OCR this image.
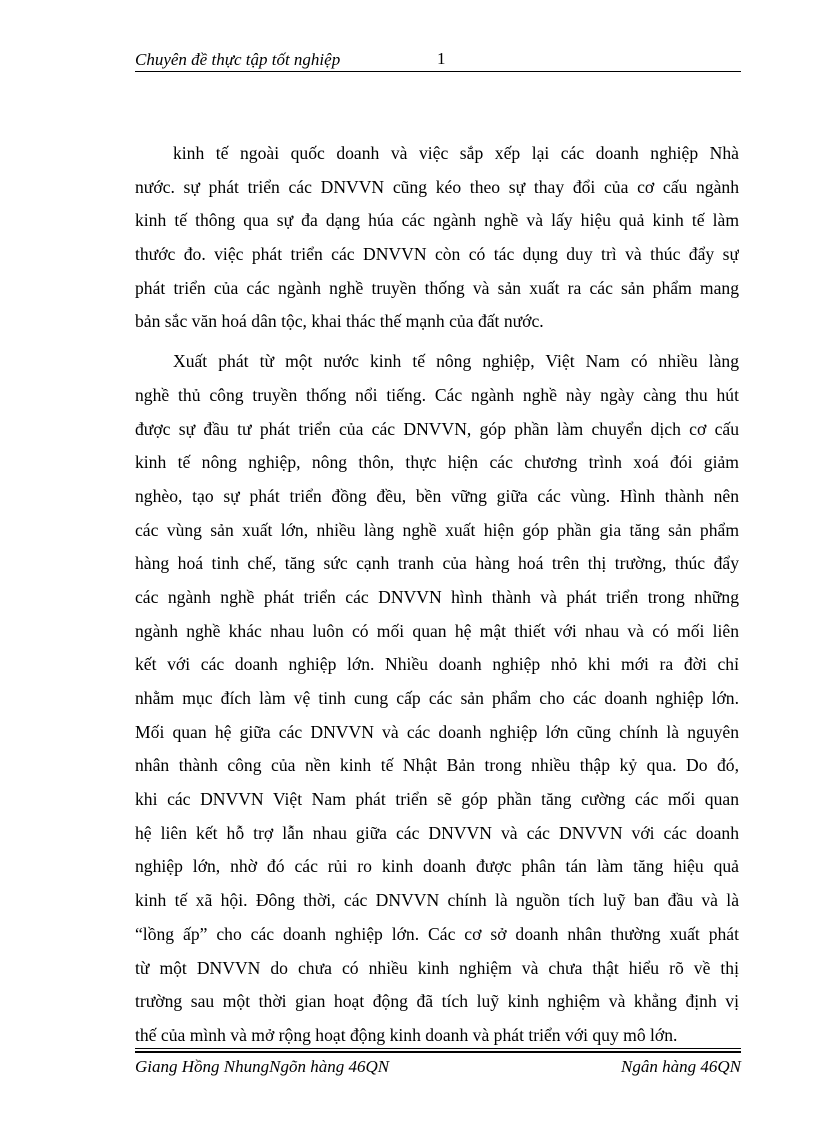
Chuyên đề thực tập tốt nghiệp	1
kinh tế ngoài quốc doanh và việc sắp xếp lại các doanh nghiệp Nhà
nước. sự phát triển các DNVVN cũng kéo theo sự thay đổi của cơ cấu ngành
kinh tế thông qua sự đa dạng húa các ngành nghề và lấy hiệu quả kinh tế làm
thước đo. việc phát triển các DNVVN còn có tác dụng duy trì và thúc đẩy sự
phát triển của các ngành nghề truyền thống và sản xuất ra các sản phẩm mang
bản sắc văn hoá dân tộc, khai thác thế mạnh của đất nước.
Xuất phát từ một nước kinh tế nông nghiệp, Việt Nam có nhiều làng
nghề thủ công truyền thống nổi tiếng. Các ngành nghề này ngày càng thu hút
được sự đầu tư phát triển của các DNVVN, góp phần làm chuyển dịch cơ cấu
kinh tế nông nghiệp, nông thôn, thực hiện các chương trình xoá đói giảm
nghèo, tạo sự phát triển đồng đều, bền vững giữa các vùng. Hình thành nên
các vùng sản xuất lớn, nhiều làng nghề xuất hiện góp phần gia tăng sản phẩm
hàng hoá tinh chế, tăng sức cạnh tranh của hàng hoá trên thị trường, thúc đẩy
các ngành nghề phát triển các DNVVN hình thành và phát triển trong những
ngành nghề khác nhau luôn có mối quan hệ mật thiết với nhau và có mối liên
kết với các doanh nghiệp lớn. Nhiều doanh nghiệp nhỏ khi mới ra đời chỉ
nhằm mục đích làm vệ tinh cung cấp các sản phẩm cho các doanh nghiệp lớn.
Mối quan hệ giữa các DNVVN và các doanh nghiệp lớn cũng chính là nguyên
nhân thành công của nền kinh tế Nhật Bản trong nhiều thập kỷ qua. Do đó,
khi các DNVVN Việt Nam phát triển sẽ góp phần tăng cường các mối quan
hệ liên kết hỗ trợ lẫn nhau giữa các DNVVN và các DNVVN với các doanh
nghiệp lớn, nhờ đó các rủi ro kinh doanh được phân tán làm tăng hiệu quả
kinh tế xã hội. Đông thời, các DNVVN chính là nguồn tích luỹ ban đầu và là
“lồng ấp” cho các doanh nghiệp lớn. Các cơ sở doanh nhân thường xuất phát
từ một DNVVN do chưa có nhiều kinh nghiệm và chưa thật hiểu rõ về thị
trường sau một thời gian hoạt động đã tích luỹ kinh nghiệm và khẳng định vị
thế của mình và mở rộng hoạt động kinh doanh và phát triển với quy mô lớn.
Giang Hồng NhungNgõn hàng 46QN	Ngân hàng 46QN
